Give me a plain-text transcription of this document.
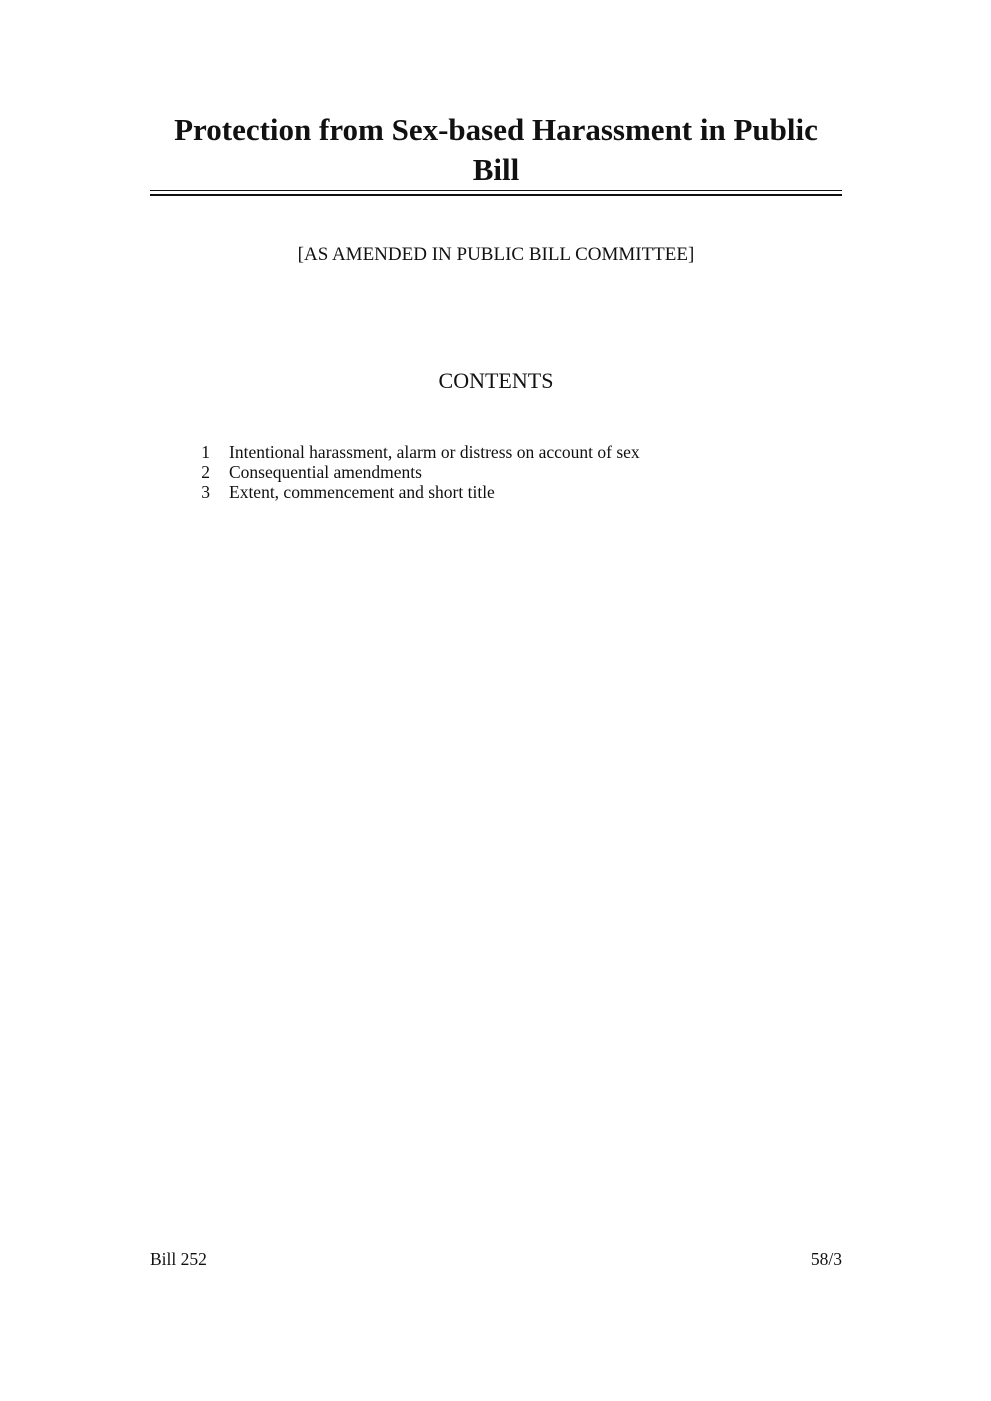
Protection from Sex-based Harassment in Public
Bill
[AS AMENDED IN PUBLIC BILL COMMITTEE]
CONTENTS
1	Intentional harassment, alarm or distress on account of sex
2	Consequential amendments
3	Extent, commencement and short title
Bill 252	58/3
